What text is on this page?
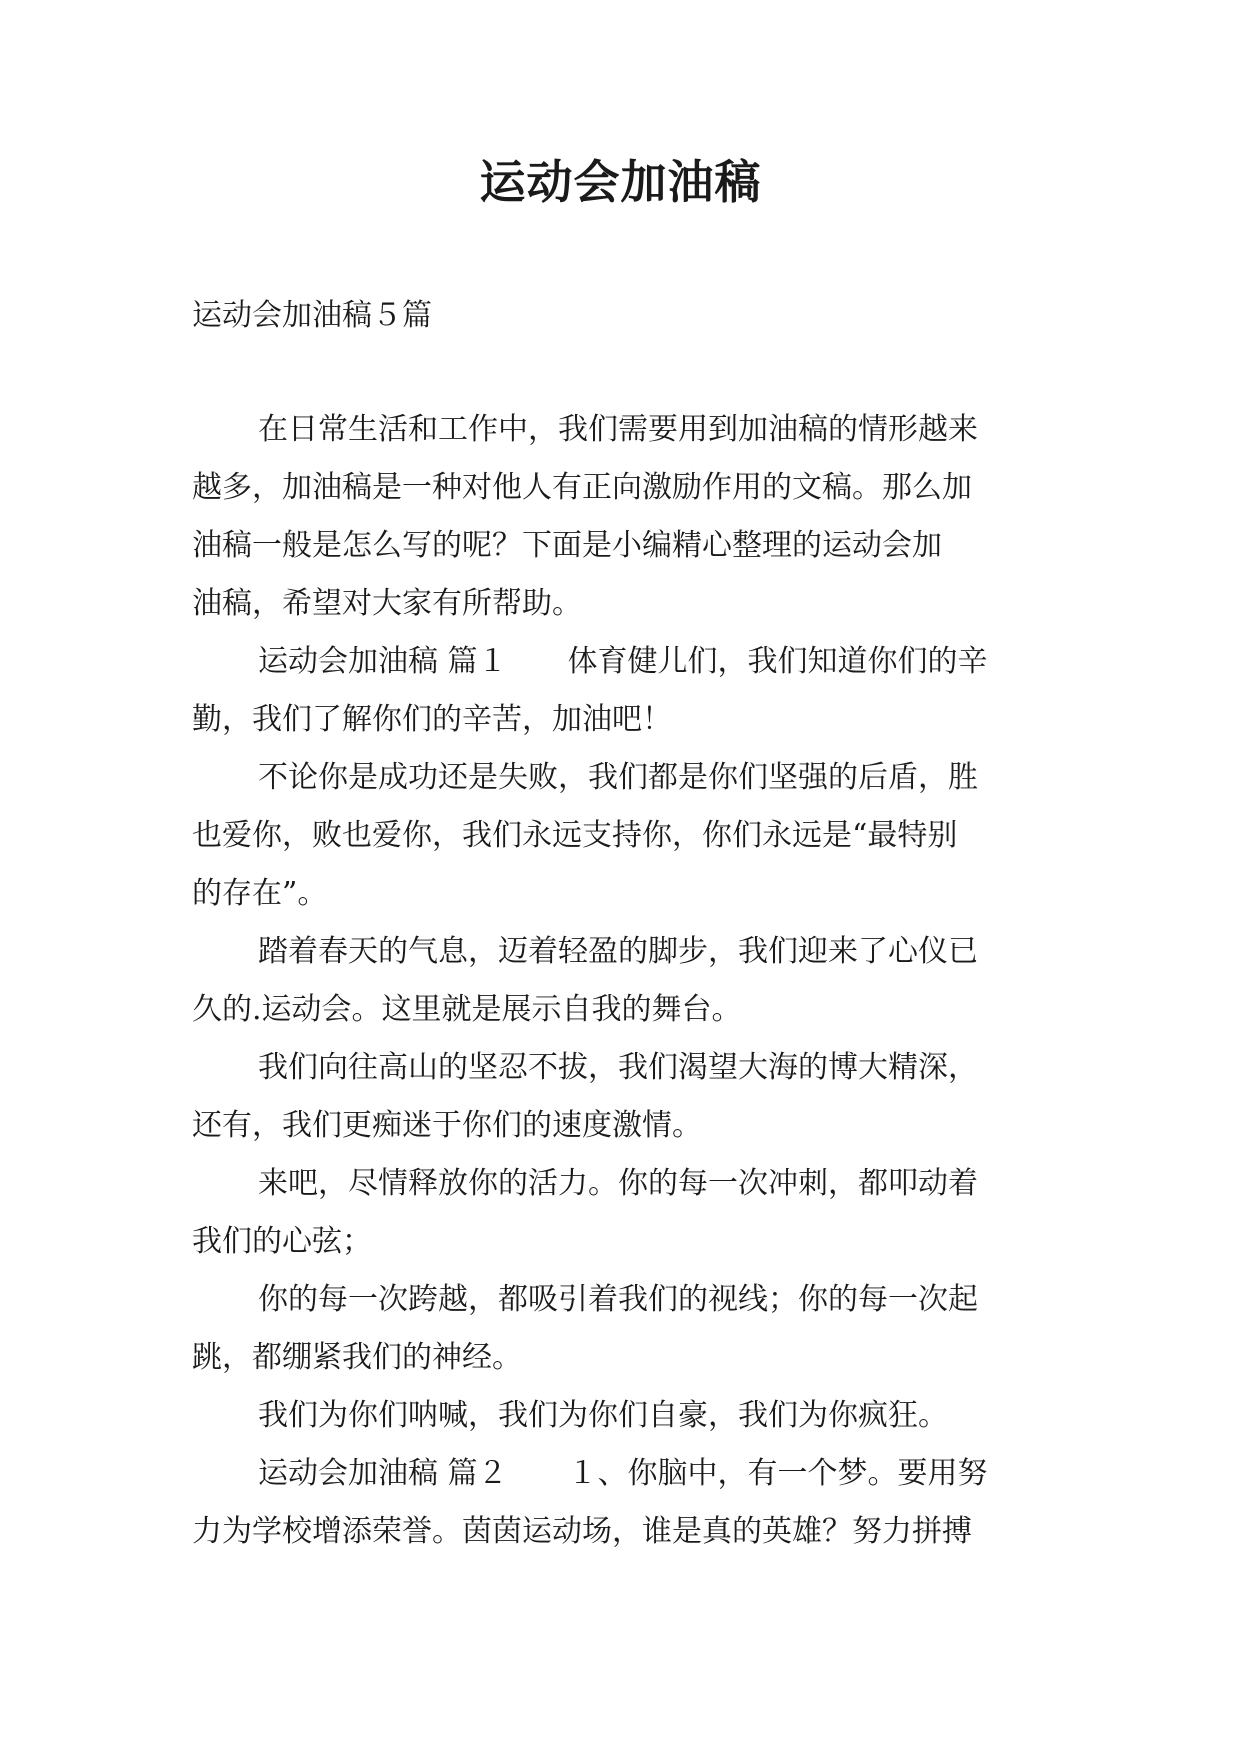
运动会加油稿
运动会加油稿５篇
在日常生活和工作中，我们需要用到加油稿的情形越来
越多，加油稿是一种对他人有正向激励作用的文稿。那么加
油稿一般是怎么写的呢？下面是小编精心整理的运动会加
油稿，希望对大家有所帮助。
运动会加油稿 篇１　　体育健儿们，我们知道你们的辛
勤，我们了解你们的辛苦，加油吧！
不论你是成功还是失败，我们都是你们坚强的后盾，胜
也爱你，败也爱你，我们永远支持你，你们永远是“最特别
的存在”。
踏着春天的气息，迈着轻盈的脚步，我们迎来了心仪已
久的.运动会。这里就是展示自我的舞台。
我们向往高山的坚忍不拔，我们渴望大海的博大精深，
还有，我们更痴迷于你们的速度激情。
来吧，尽情释放你的活力。你的每一次冲刺，都叩动着
我们的心弦；
你的每一次跨越，都吸引着我们的视线；你的每一次起
跳，都绷紧我们的神经。
我们为你们呐喊，我们为你们自豪，我们为你疯狂。
运动会加油稿 篇２　　１、你脑中，有一个梦。要用努
力为学校增添荣誉。茵茵运动场，谁是真的英雄？努力拼搏
